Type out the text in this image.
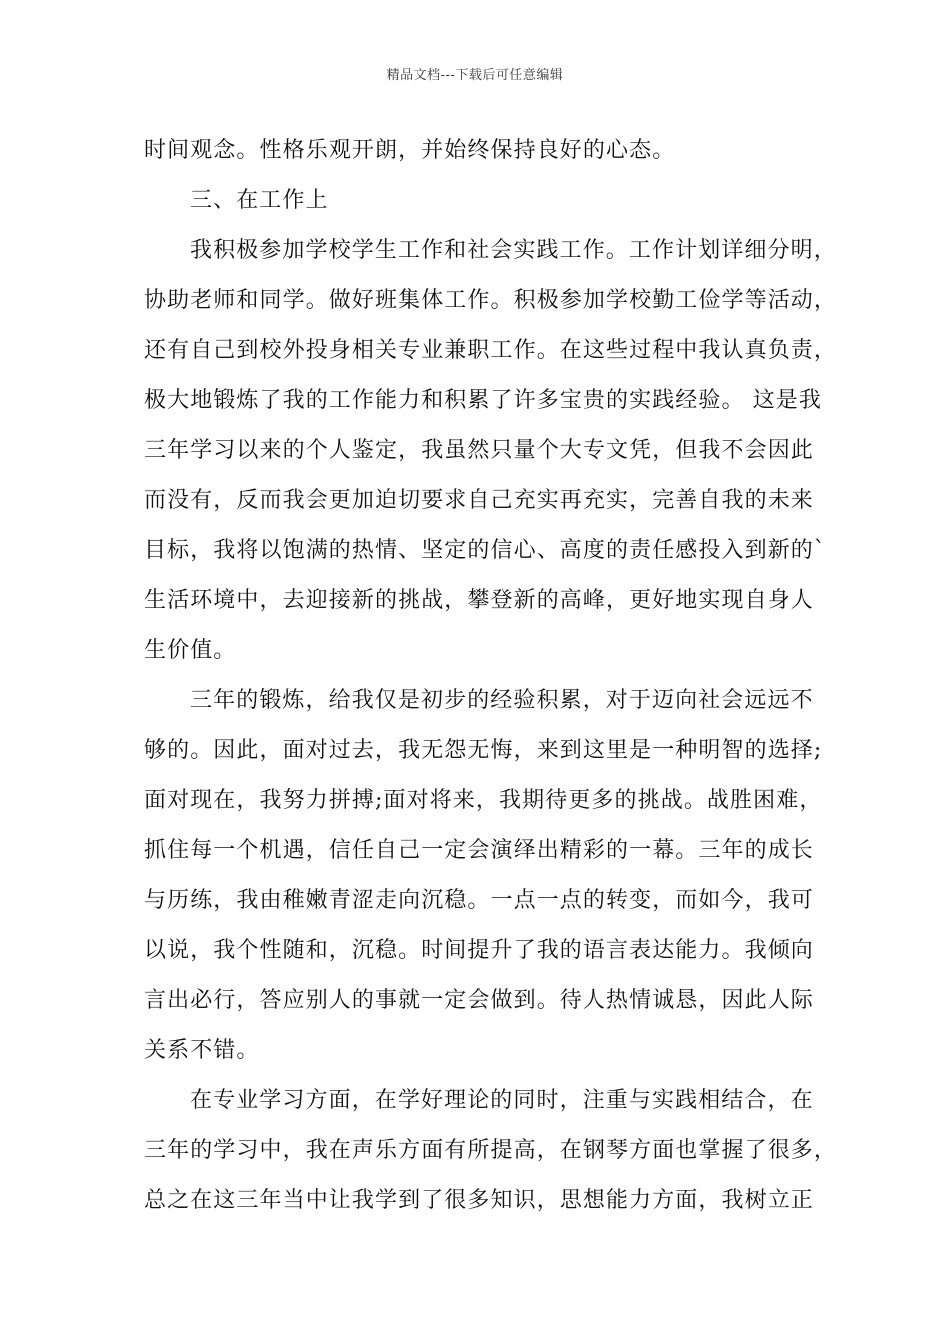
精品文档---下载后可任意编辑
时间观念。性格乐观开朗，并始终保持良好的心态。
三、在工作上
我积极参加学校学生工作和社会实践工作。工作计划详细分明，
协助老师和同学。做好班集体工作。积极参加学校勤工俭学等活动，
还有自己到校外投身相关专业兼职工作。在这些过程中我认真负责，
极大地锻炼了我的工作能力和积累了许多宝贵的实践经验。 这是我
三年学习以来的个人鉴定，我虽然只量个大专文凭，但我不会因此
而没有，反而我会更加迫切要求自己充实再充实，完善自我的未来
目标，我将以饱满的热情、坚定的信心、高度的责任感投入到新的`
生活环境中，去迎接新的挑战，攀登新的高峰，更好地实现自身人
生价值。
三年的锻炼，给我仅是初步的经验积累，对于迈向社会远远不
够的。因此，面对过去，我无怨无悔，来到这里是一种明智的选择;
面对现在，我努力拼搏;面对将来，我期待更多的挑战。战胜困难，
抓住每一个机遇，信任自己一定会演绎出精彩的一幕。三年的成长
与历练，我由稚嫩青涩走向沉稳。一点一点的转变，而如今，我可
以说，我个性随和，沉稳。时间提升了我的语言表达能力。我倾向
言出必行，答应别人的事就一定会做到。待人热情诚恳，因此人际
关系不错。
在专业学习方面，在学好理论的同时，注重与实践相结合，在
三年的学习中，我在声乐方面有所提高，在钢琴方面也掌握了很多，
总之在这三年当中让我学到了很多知识，思想能力方面，我树立正
